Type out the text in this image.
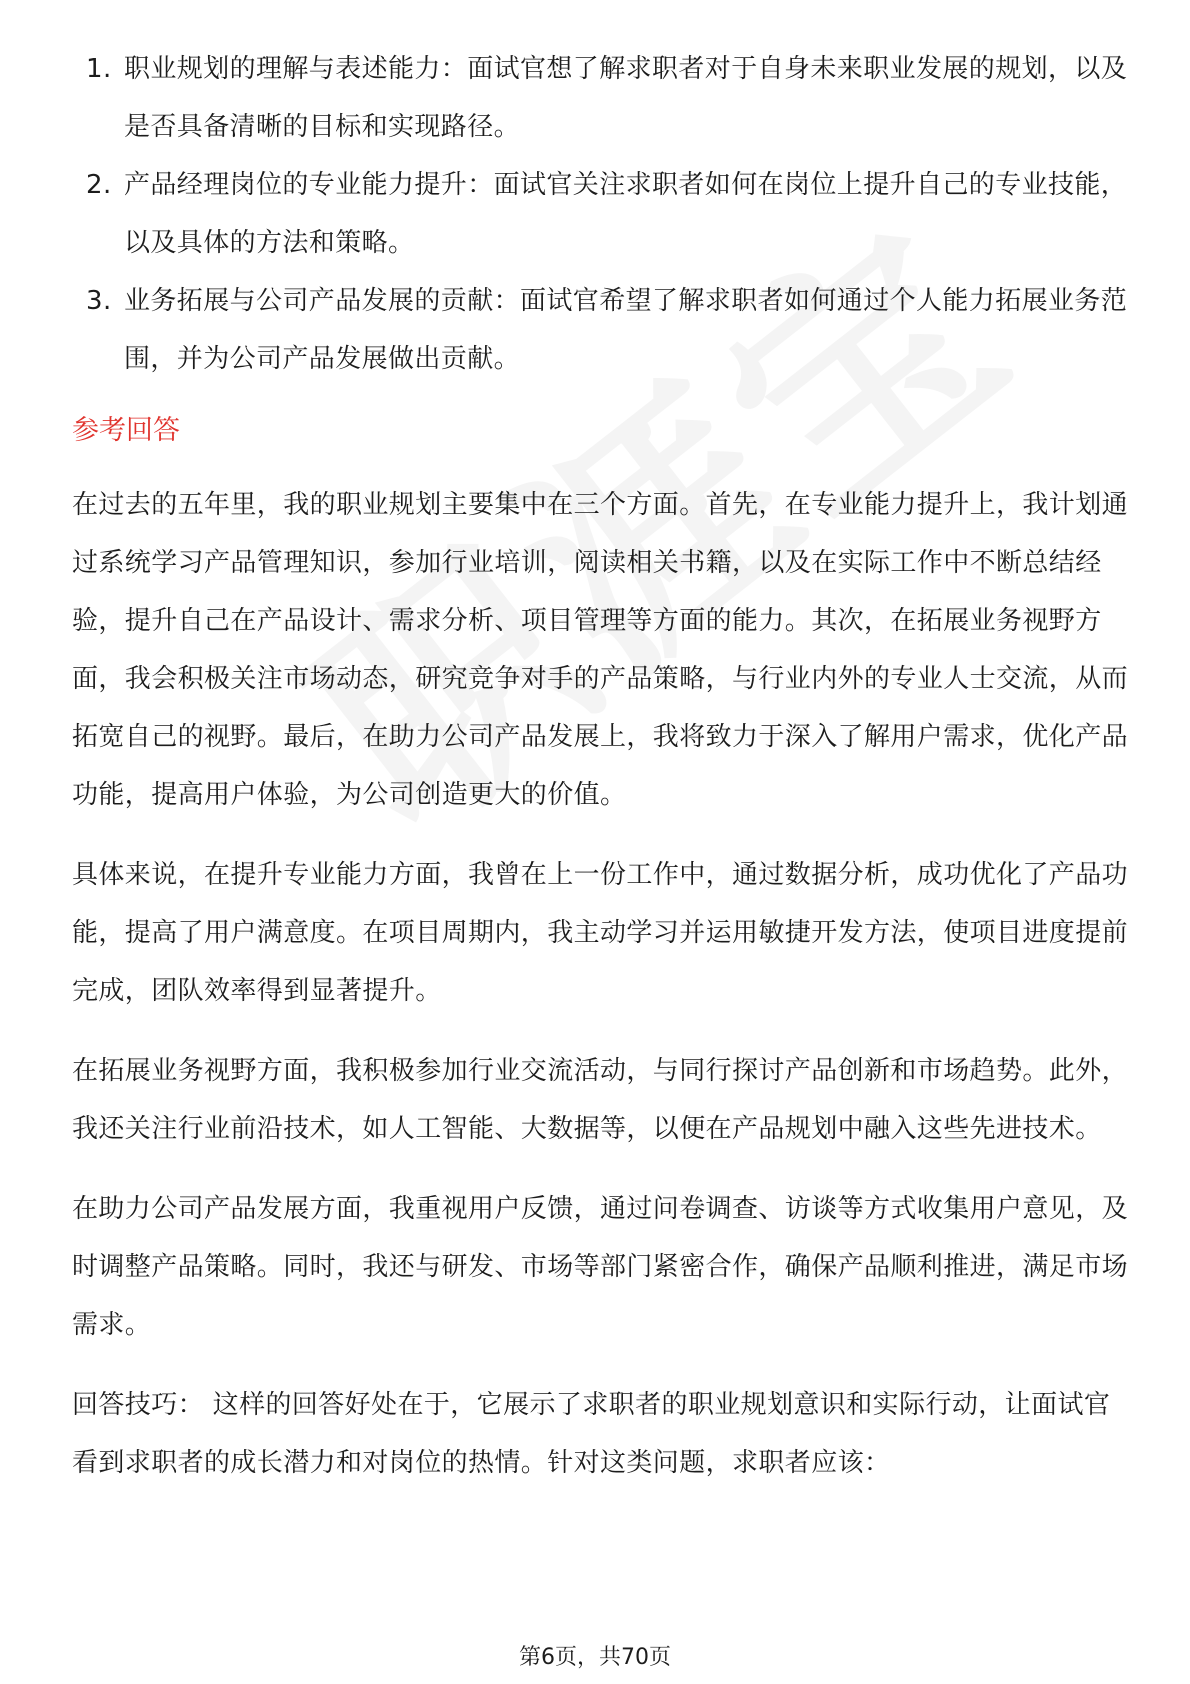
1. 职业规划的理解与表述能力：面试官想了解求职者对于自身未来职业发展的规划，以及是否具备清晰的目标和实现路径。
2. 产品经理岗位的专业能力提升：面试官关注求职者如何在岗位上提升自己的专业技能，以及具体的方法和策略。
3. 业务拓展与公司产品发展的贡献：面试官希望了解求职者如何通过个人能力拓展业务范围，并为公司产品发展做出贡献。
参考回答

在过去的五年里，我的职业规划主要集中在三个方面。首先，在专业能力提升上，我计划通过系统学习产品管理知识，参加行业培训，阅读相关书籍，以及在实际工作中不断总结经验，提升自己在产品设计、需求分析、项目管理等方面的能力。其次，在拓展业务视野方面，我会积极关注市场动态，研究竞争对手的产品策略，与行业内外的专业人士交流，从而拓宽自己的视野。最后，在助力公司产品发展上，我将致力于深入了解用户需求，优化产品功能，提高用户体验，为公司创造更大的价值。

具体来说，在提升专业能力方面，我曾在上一份工作中，通过数据分析，成功优化了产品功能，提高了用户满意度。在项目周期内，我主动学习并运用敏捷开发方法，使项目进度提前完成，团队效率得到显著提升。

在拓展业务视野方面，我积极参加行业交流活动，与同行探讨产品创新和市场趋势。此外，我还关注行业前沿技术，如人工智能、大数据等，以便在产品规划中融入这些先进技术。

在助力公司产品发展方面，我重视用户反馈，通过问卷调查、访谈等方式收集用户意见，及时调整产品策略。同时，我还与研发、市场等部门紧密合作，确保产品顺利推进，满足市场需求。

回答技巧： 这样的回答好处在于，它展示了求职者的职业规划意识和实际行动，让面试官看到求职者的成长潜力和对岗位的热情。针对这类问题，求职者应该：

第6页，共70页
